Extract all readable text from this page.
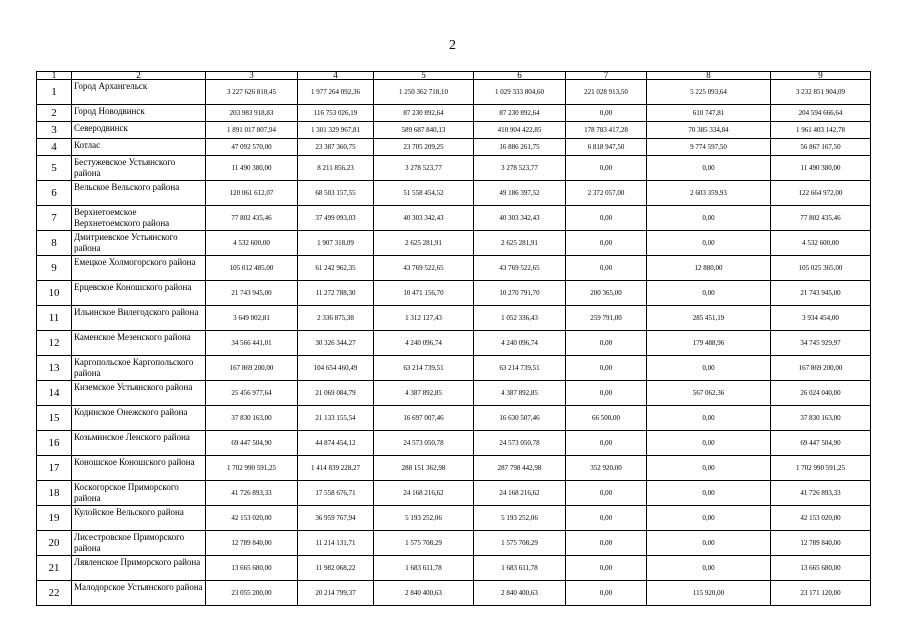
2
1	2	3	4	5	6	7	8	9
1	Город Архангельск	3 227 626 810,45	1 977 264 092,36	1 250 362 718,10	1 029 333 804,60	221 028 913,50	5 225 093,64	3 232 851 904,09
2	Город Новодвинск	203 983 918,83	116 753 026,19	87 230 892,64	87 230 892,64	0,00	610 747,81	204 594 666,64
3	Северодвинск	1 891 017 807,94	1 301 329 967,81	589 687 840,13	410 904 422,85	178 783 417,28	70 385 334,84	1 961 403 142,78
4	Котлас	47 092 570,00	23 387 360,75	23 705 209,25	16 886 261,75	6 818 947,50	9 774 597,50	56 867 167,50
5	Бестужевское Устьянского района	11 490 380,00	8 211 856,23	3 278 523,77	3 278 523,77	0,00	0,00	11 490 380,00
6	Вельское Вельского района	120 061 612,07	68 503 157,55	51 558 454,52	49 186 397,52	2 372 057,00	2 603 359,93	122 664 972,00
7	Верхнетоемское Верхнетоемского района	77 802 435,46	37 499 093,03	40 303 342,43	40 303 342,43	0,00	0,00	77 802 435,46
8	Дмитриевское Устьянского района	4 532 600,00	1 907 318,09	2 625 281,91	2 625 281,91	0,00	0,00	4 532 600,00
9	Емецкое Холмогорского района	105 012 485,00	61 242 962,35	43 769 522,65	43 769 522,65	0,00	12 880,00	105 025 365,00
10	Ерцевское Коношского района	21 743 945,00	11 272 788,30	10 471 156,70	10 270 791,70	200 365,00	0,00	21 743 945,00
11	Ильинское Вилегодского района	3 649 002,81	2 336 875,38	1 312 127,43	1 052 336,43	259 791,00	285 451,19	3 934 454,00
12	Каменское Мезенского района	34 566 441,01	30 326 344,27	4 240 096,74	4 240 096,74	0,00	179 488,96	34 745 929,97
13	Каргопольское Каргопольского района	167 869 200,00	104 654 460,49	63 214 739,51	63 214 739,51	0,00	0,00	167 869 200,00
14	Киземское Устьянского района	25 456 977,64	21 069 084,79	4 387 892,85	4 387 892,85	0,00	567 062,36	26 024 040,00
15	Кодинское Онежского района	37 830 163,00	21 133 155,54	16 697 007,46	16 630 507,46	66 500,00	0,00	37 830 163,00
16	Козьминское Ленского района	69 447 504,90	44 874 454,12	24 573 050,78	24 573 050,78	0,00	0,00	69 447 504,90
17	Коношское Коношского района	1 702 990 591,25	1 414 839 228,27	288 151 362,98	287 798 442,98	352 920,00	0,00	1 702 990 591,25
18	Коскогорское Приморского района	41 726 893,33	17 558 676,71	24 168 216,62	24 168 216,62	0,00	0,00	41 726 893,33
19	Кулойское Вельского района	42 153 020,00	36 959 767,94	5 193 252,06	5 193 252,06	0,00	0,00	42 153 020,00
20	Лисестровское Приморского района	12 789 840,00	11 214 131,71	1 575 708,29	1 575 708,29	0,00	0,00	12 789 840,00
21	Лявленское Приморского района	13 665 680,00	11 982 068,22	1 683 611,78	1 683 611,78	0,00	0,00	13 665 680,00
22	Малодорское Устьянского района	23 055 200,00	20 214 799,37	2 840 400,63	2 840 400,63	0,00	115 920,00	23 171 120,00
